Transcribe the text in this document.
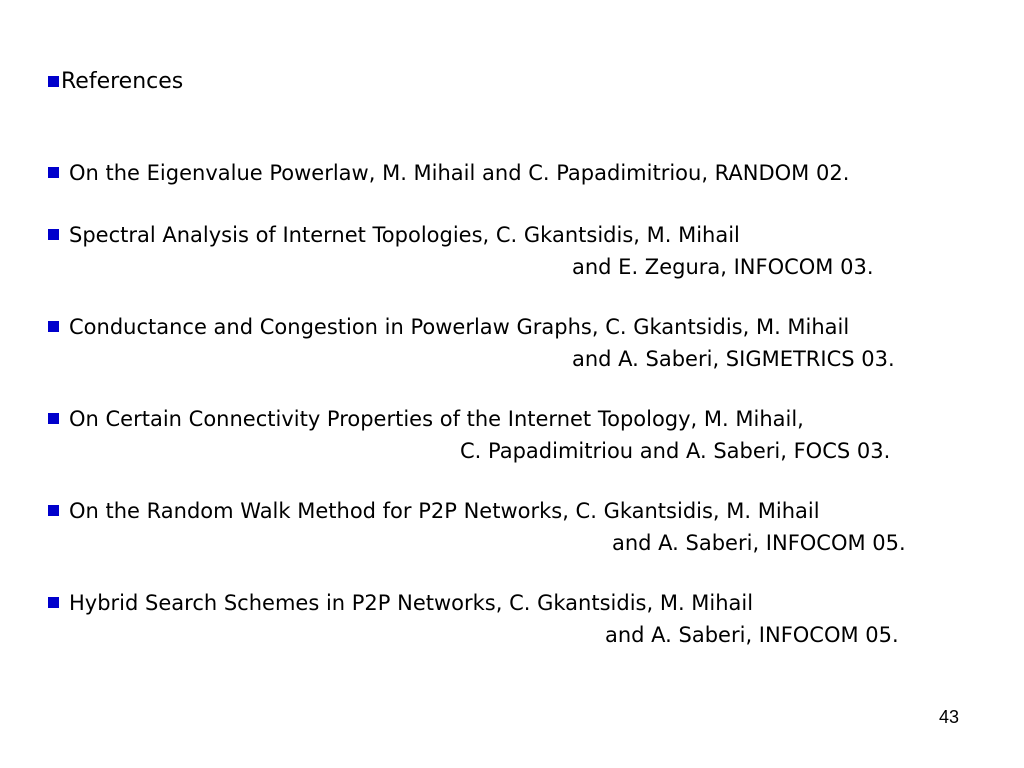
References
On the Eigenvalue Powerlaw, M. Mihail and C. Papadimitriou, RANDOM 02.
Spectral Analysis of Internet Topologies, C. Gkantsidis, M. Mihail
and E. Zegura, INFOCOM 03.
Conductance and Congestion in Powerlaw Graphs, C. Gkantsidis, M. Mihail
and A. Saberi, SIGMETRICS 03.
On Certain Connectivity Properties of the Internet Topology, M. Mihail,
C. Papadimitriou and A. Saberi, FOCS 03.
On the Random Walk Method for P2P Networks, C. Gkantsidis, M. Mihail
and A. Saberi, INFOCOM 05.
Hybrid Search Schemes in P2P Networks, C. Gkantsidis, M. Mihail
and A. Saberi, INFOCOM 05.
43
